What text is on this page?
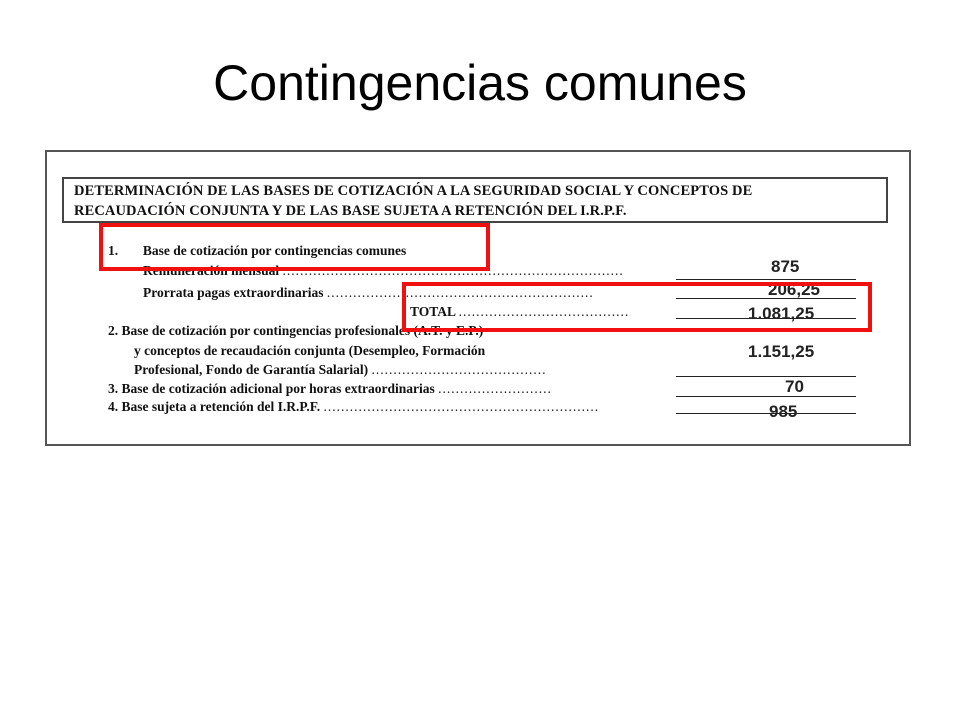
Contingencias comunes
DETERMINACIÓN DE LAS BASES DE COTIZACIÓN A LA SEGURIDAD SOCIAL Y CONCEPTOS DE
RECAUDACIÓN CONJUNTA Y DE LAS BASE SUJETA A RETENCIÓN DEL I.R.P.F.
1. Base de cotización por contingencias comunes
Remuneración mensual ..............................................................................
Prorrata pagas extraordinarias .............................................................
TOTAL .......................................
2. Base de cotización por contingencias profesionales (A.T. y E.P.)
y conceptos de recaudación conjunta (Desempleo, Formación
Profesional, Fondo de Garantía Salarial) ........................................
3. Base de cotización adicional por horas extraordinarias ..........................
4. Base sujeta a retención del I.R.P.F. ...............................................................
875
206,25
1.081,25
1.151,25
70
985
